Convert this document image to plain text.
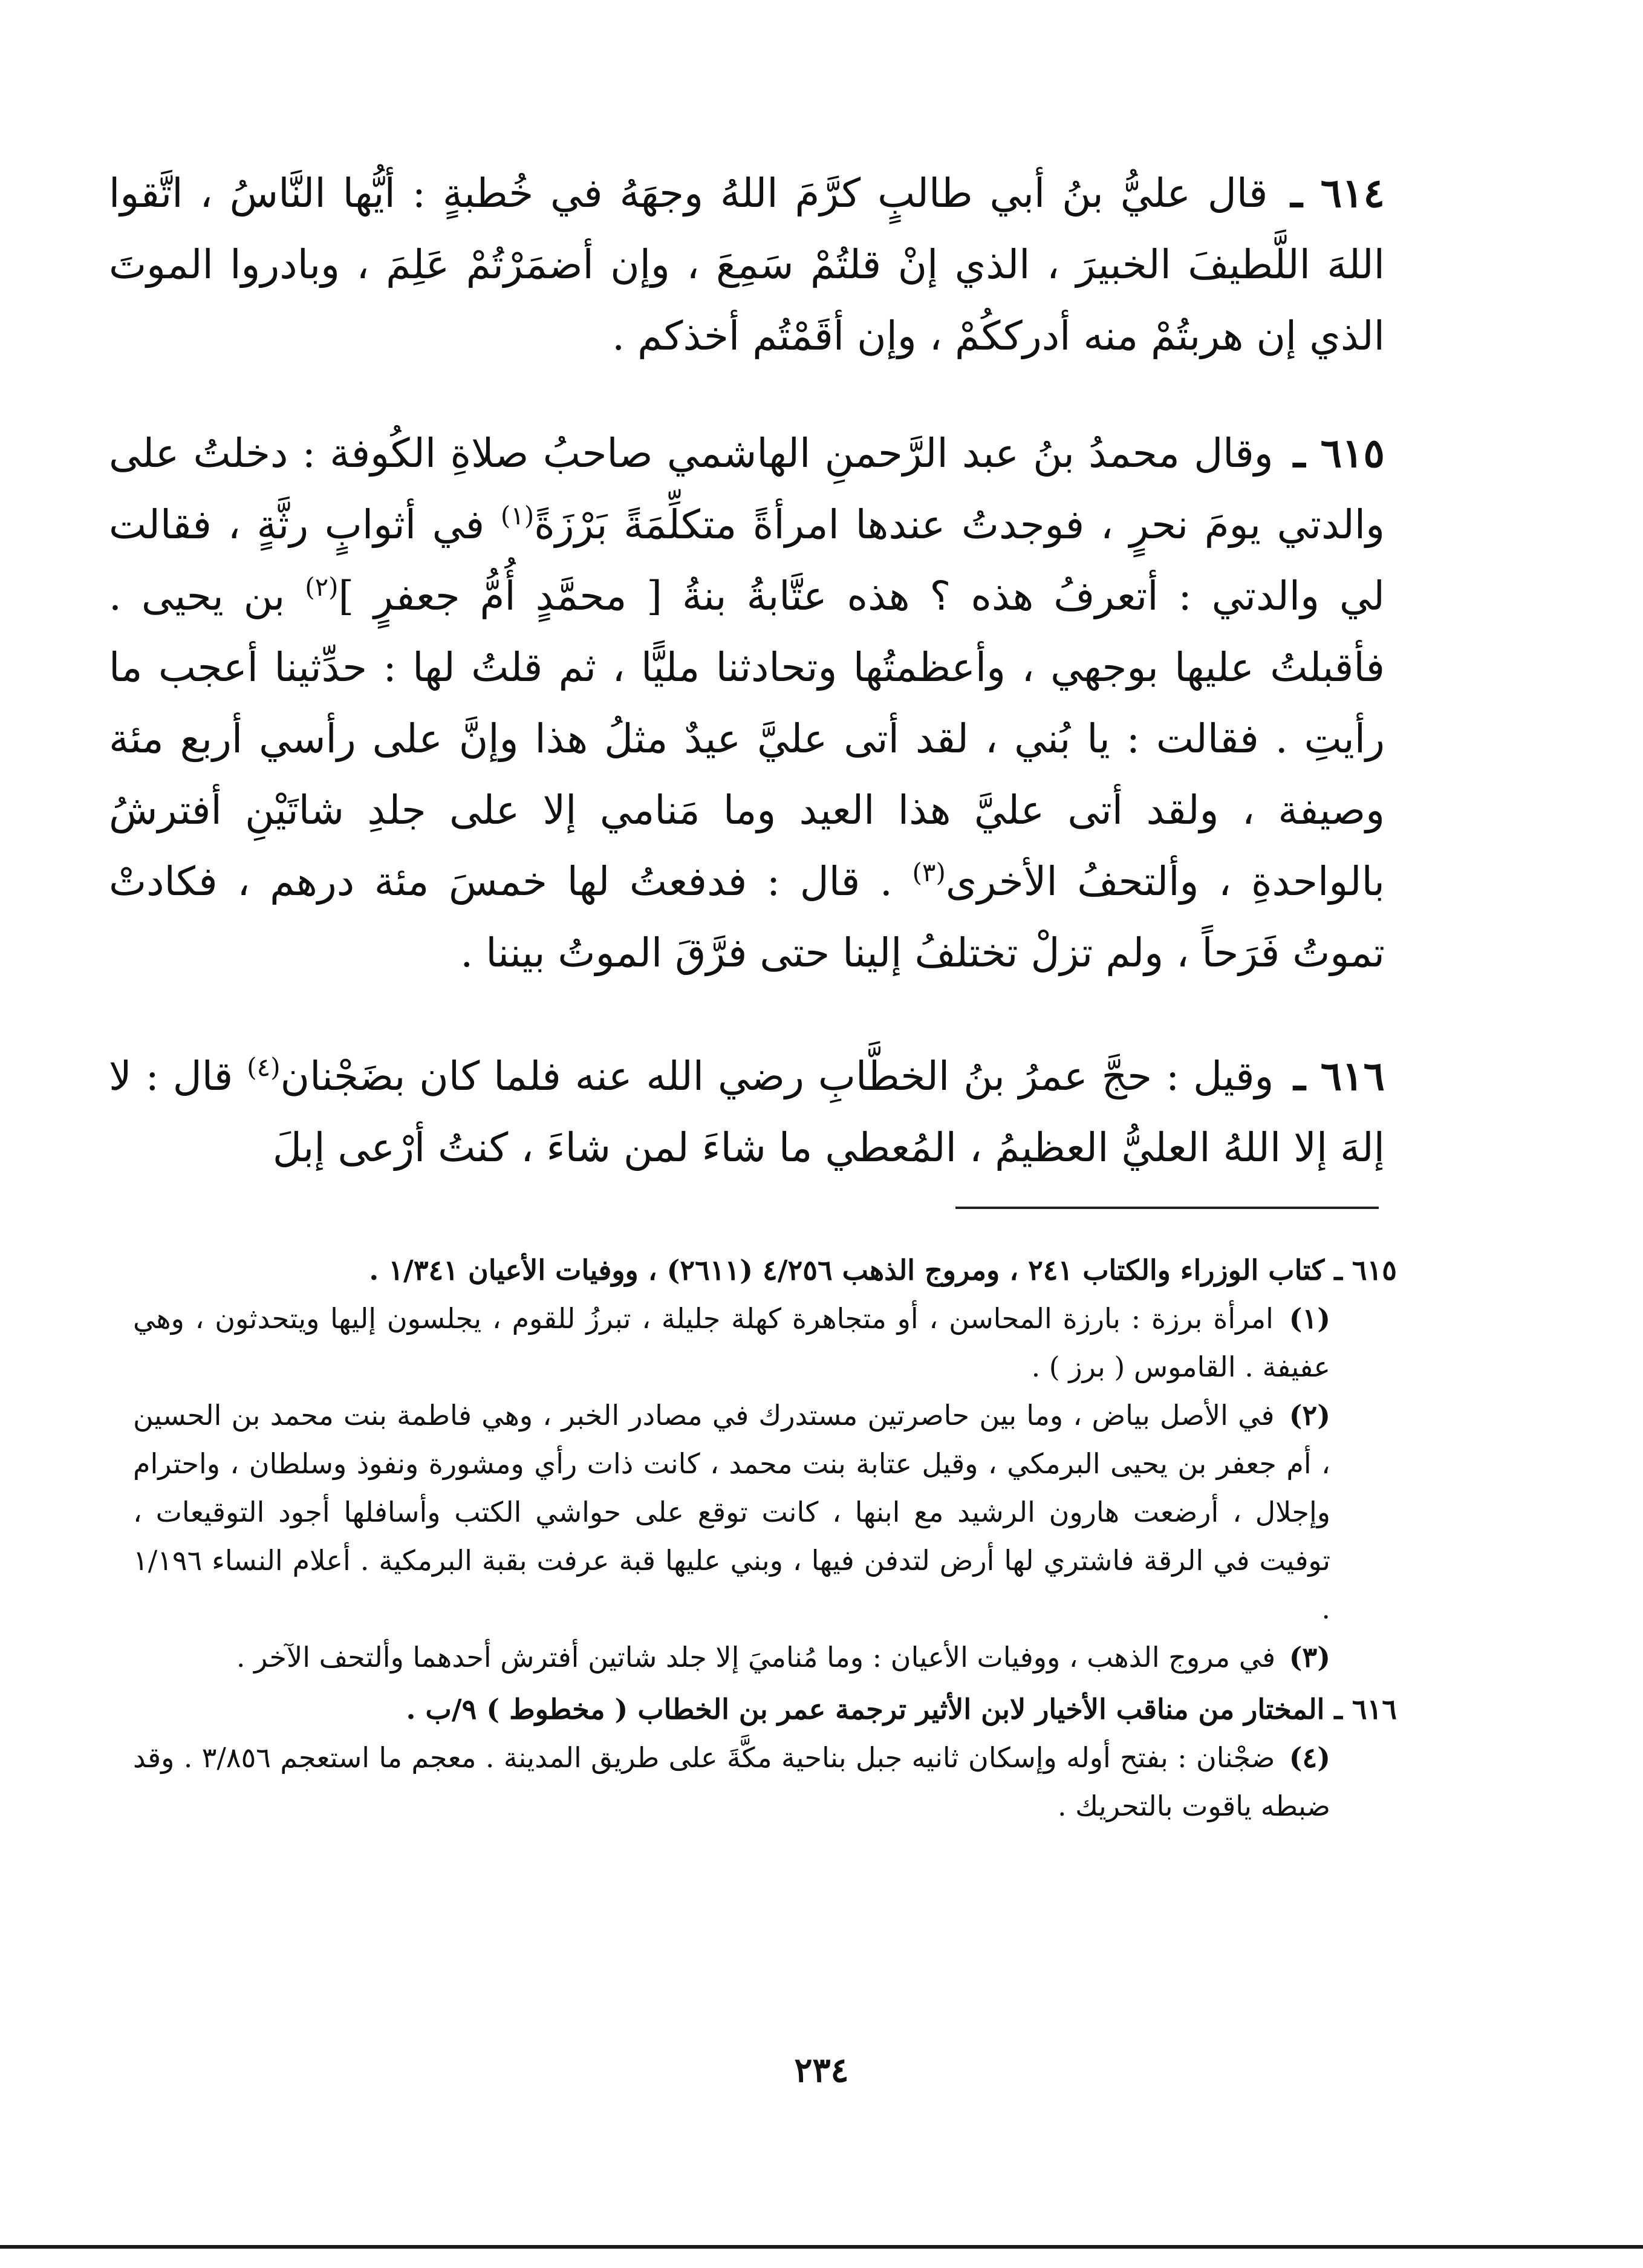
٦١٤ ـ قال عليُّ بنُ أبي طالبٍ كرَّمَ اللهُ وجهَهُ في خُطبةٍ : أيُّها النَّاسُ ، اتَّقوا اللهَ اللَّطيفَ الخبيرَ ، الذي إنْ قلتُمْ سَمِعَ ، وإن أضمَرْتُمْ عَلِمَ ، وبادروا الموتَ الذي إن هربتُمْ منه أدرككُمْ ، وإن أقَمْتُم أخذكم .
٦١٥ ـ وقال محمدُ بنُ عبد الرَّحمنِ الهاشمي صاحبُ صلاةِ الكُوفة : دخلتُ على والدتي يومَ نحرٍ ، فوجدتُ عندها امرأةً متكلِّمَةً بَرْزَةً$^{(١)}$ في أثوابٍ رثَّةٍ ، فقالت لي والدتي : أتعرفُ هذه ؟ هذه عتَّابةُ بنةُ [ محمَّدٍ أُمُّ جعفرٍ ]$^{(٢)}$ بن يحيى . فأقبلتُ عليها بوجهي ، وأعظمتُها وتحادثنا مليًّا ، ثم قلتُ لها : حدِّثينا أعجب ما رأيتِ . فقالت : يا بُني ، لقد أتى عليَّ عيدٌ مثلُ هذا وإنَّ على رأسي أربع مئة وصيفة ، ولقد أتى عليَّ هذا العيد وما مَنامي إلا على جلدِ شاتَيْنِ أفترشُ بالواحدةِ ، وألتحفُ الأخرى$^{(٣)}$ . قال : فدفعتُ لها خمسَ مئة درهم ، فكادتْ تموتُ فَرَحاً ، ولم تزلْ تختلفُ إلينا حتى فرَّقَ الموتُ بيننا .
٦١٦ ـ وقيل : حجَّ عمرُ بنُ الخطَّابِ رضي الله عنه فلما كان بضَجْنان$^{(٤)}$ قال : لا إلهَ إلا اللهُ العليُّ العظيمُ ، المُعطي ما شاءَ لمن شاءَ ، كنتُ أرْعى إبلَ

٦١٥ ـ كتاب الوزراء والكتاب ٢٤١ ، ومروج الذهب ٤/٢٥٦ (٢٦١١) ، ووفيات الأعيان ١/٣٤١ .

(١) امرأة برزة : بارزة المحاسن ، أو متجاهرة كهلة جليلة ، تبرزُ للقوم ، يجلسون إليها ويتحدثون ، وهي عفيفة . القاموس ( برز ) .

(٢) في الأصل بياض ، وما بين حاصرتين مستدرك في مصادر الخبر ، وهي فاطمة بنت محمد بن الحسين ، أم جعفر بن يحيى البرمكي ، وقيل عتابة بنت محمد ، كانت ذات رأي ومشورة ونفوذ وسلطان ، واحترام وإجلال ، أرضعت هارون الرشيد مع ابنها ، كانت توقع على حواشي الكتب وأسافلها أجود التوقيعات ، توفيت في الرقة فاشتري لها أرض لتدفن فيها ، وبني عليها قبة عرفت بقبة البرمكية . أعلام النساء ١/١٩٦ .

(٣) في مروج الذهب ، ووفيات الأعيان : وما مُناميَ إلا جلد شاتين أفترش أحدهما وألتحف الآخر .

٦١٦ ـ المختار من مناقب الأخيار لابن الأثير ترجمة عمر بن الخطاب ( مخطوط ) ٩/ب .

(٤) ضجْنان : بفتح أوله وإسكان ثانيه جبل بناحية مكَّةَ على طريق المدينة . معجم ما استعجم ٣/٨٥٦ . وقد ضبطه ياقوت بالتحريك .

٢٣٤
